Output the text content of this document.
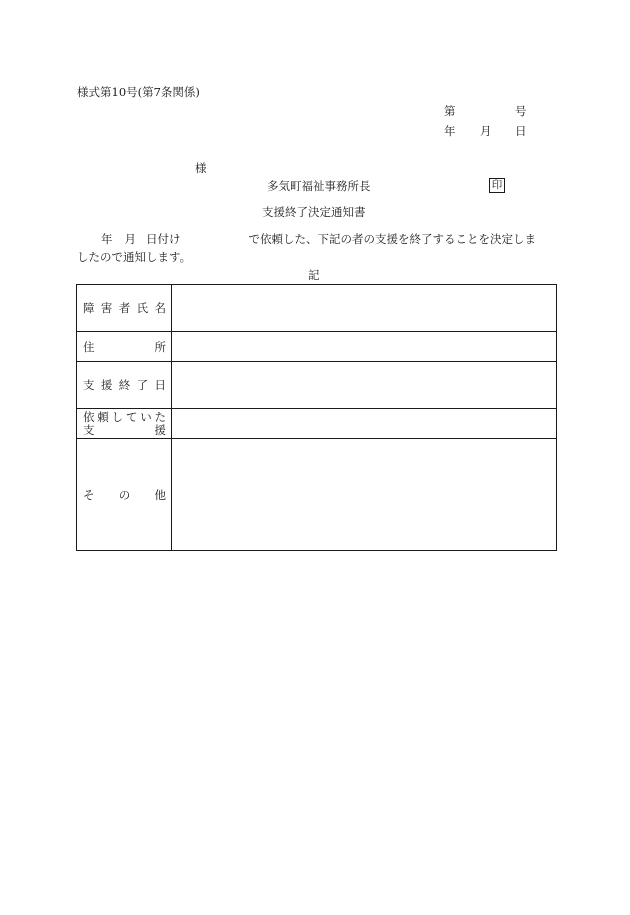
様式第10号(第7条関係)
第	号
年 月 日
様
多気町福祉事務所長	印
支援終了決定通知書
年 月 日付け	で依頼した、下記の者の支援を終了することを決定しま
したので通知します。
記
障害者氏名	

住所	

支援終了日	

依頼していた
支援	

その他	
